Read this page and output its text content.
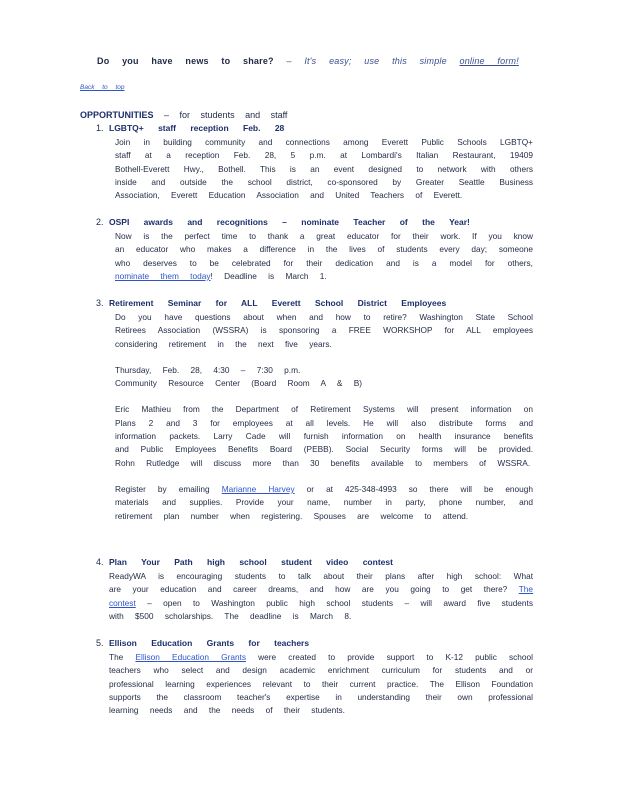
Do you have news to share? – It's easy; use this simple online form!
Back to top
OPPORTUNITIES – for students and staff
1. LGBTQ+ staff reception Feb. 28

Join in building community and connections among Everett Public Schools LGBTQ+ staff at a reception Feb. 28, 5 p.m. at Lombardi's Italian Restaurant, 19409 Bothell-Everett Hwy., Bothell. This is an event designed to network with others inside and outside the school district, co-sponsored by Greater Seattle Business Association, Everett Education Association and United Teachers of Everett.

2. OSPI awards and recognitions – nominate Teacher of the Year!

Now is the perfect time to thank a great educator for their work. If you know an educator who makes a difference in the lives of students every day; someone who deserves to be celebrated for their dedication and is a model for others, nominate them today! Deadline is March 1.

3. Retirement Seminar for ALL Everett School District Employees

Do you have questions about when and how to retire? Washington State School Retirees Association (WSSRA) is sponsoring a FREE WORKSHOP for ALL employees considering retirement in the next five years.

Thursday, Feb. 28, 4:30 – 7:30 p.m.
Community Resource Center (Board Room A & B)

Eric Mathieu from the Department of Retirement Systems will present information on Plans 2 and 3 for employees at all levels. He will also distribute forms and information packets. Larry Cade will furnish information on health insurance benefits and Public Employees Benefits Board (PEBB). Social Security forms will be provided. Rohn Rutledge will discuss more than 30 benefits available to members of WSSRA.

Register by emailing Marianne Harvey or at 425-348-4993 so there will be enough materials and supplies. Provide your name, number in party, phone number, and retirement plan number when registering. Spouses are welcome to attend.

4. Plan Your Path high school student video contest

ReadyWA is encouraging students to talk about their plans after high school: What are your education and career dreams, and how are you going to get there? The contest – open to Washington public high school students – will award five students with $500 scholarships. The deadline is March 8.

5. Ellison Education Grants for teachers

The Ellison Education Grants were created to provide support to K-12 public school teachers who select and design academic enrichment curriculum for students and or professional learning experiences relevant to their current practice. The Ellison Foundation supports the classroom teacher's expertise in understanding their own professional learning needs and the needs of their students.
